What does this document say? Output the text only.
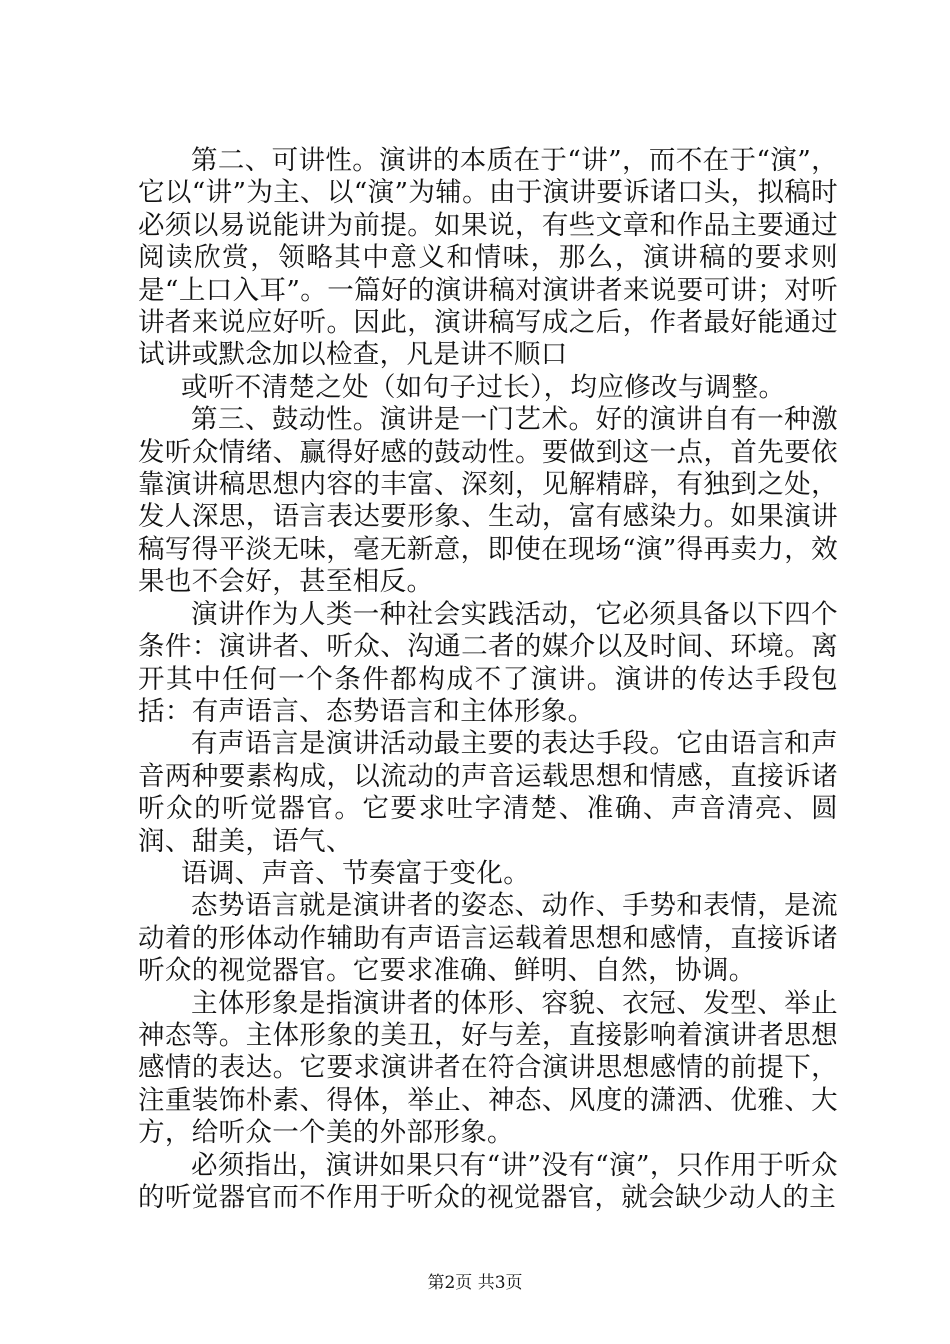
第二、可讲性。演讲的本质在于“讲”，而不在于“演”，它以“讲”为主、以“演”为辅。由于演讲要诉诸口头，拟稿时必须以易说能讲为前提。如果说，有些文章和作品主要通过阅读欣赏，领略其中意义和情味，那么，演讲稿的要求则是“上口入耳”。一篇好的演讲稿对演讲者来说要可讲；对听讲者来说应好听。因此，演讲稿写成之后，作者最好能通过试讲或默念加以检查，凡是讲不顺口

或听不清楚之处（如句子过长），均应修改与调整。

第三、鼓动性。演讲是一门艺术。好的演讲自有一种激发听众情绪、赢得好感的鼓动性。要做到这一点，首先要依靠演讲稿思想内容的丰富、深刻，见解精辟，有独到之处，发人深思，语言表达要形象、生动，富有感染力。如果演讲稿写得平淡无味，毫无新意，即使在现场“演”得再卖力，效果也不会好，甚至相反。

演讲作为人类一种社会实践活动，它必须具备以下四个条件：演讲者、听众、沟通二者的媒介以及时间、环境。离开其中任何一个条件都构成不了演讲。演讲的传达手段包括：有声语言、态势语言和主体形象。

有声语言是演讲活动最主要的表达手段。它由语言和声音两种要素构成，以流动的声音运载思想和情感，直接诉诸听众的听觉器官。它要求吐字清楚、准确、声音清亮、圆润、甜美，语气、

语调、声音、节奏富于变化。

态势语言就是演讲者的姿态、动作、手势和表情，是流动着的形体动作辅助有声语言运载着思想和感情，直接诉诸听众的视觉器官。它要求准确、鲜明、自然，协调。

主体形象是指演讲者的体形、容貌、衣冠、发型、举止神态等。主体形象的美丑，好与差，直接影响着演讲者思想感情的表达。它要求演讲者在符合演讲思想感情的前提下，注重装饰朴素、得体，举止、神态、风度的潇洒、优雅、大方，给听众一个美的外部形象。

必须指出，演讲如果只有“讲”没有“演”，只作用于听众的听觉器官而不作用于听众的视觉器官，就会缺少动人的主

第2页 共3页
